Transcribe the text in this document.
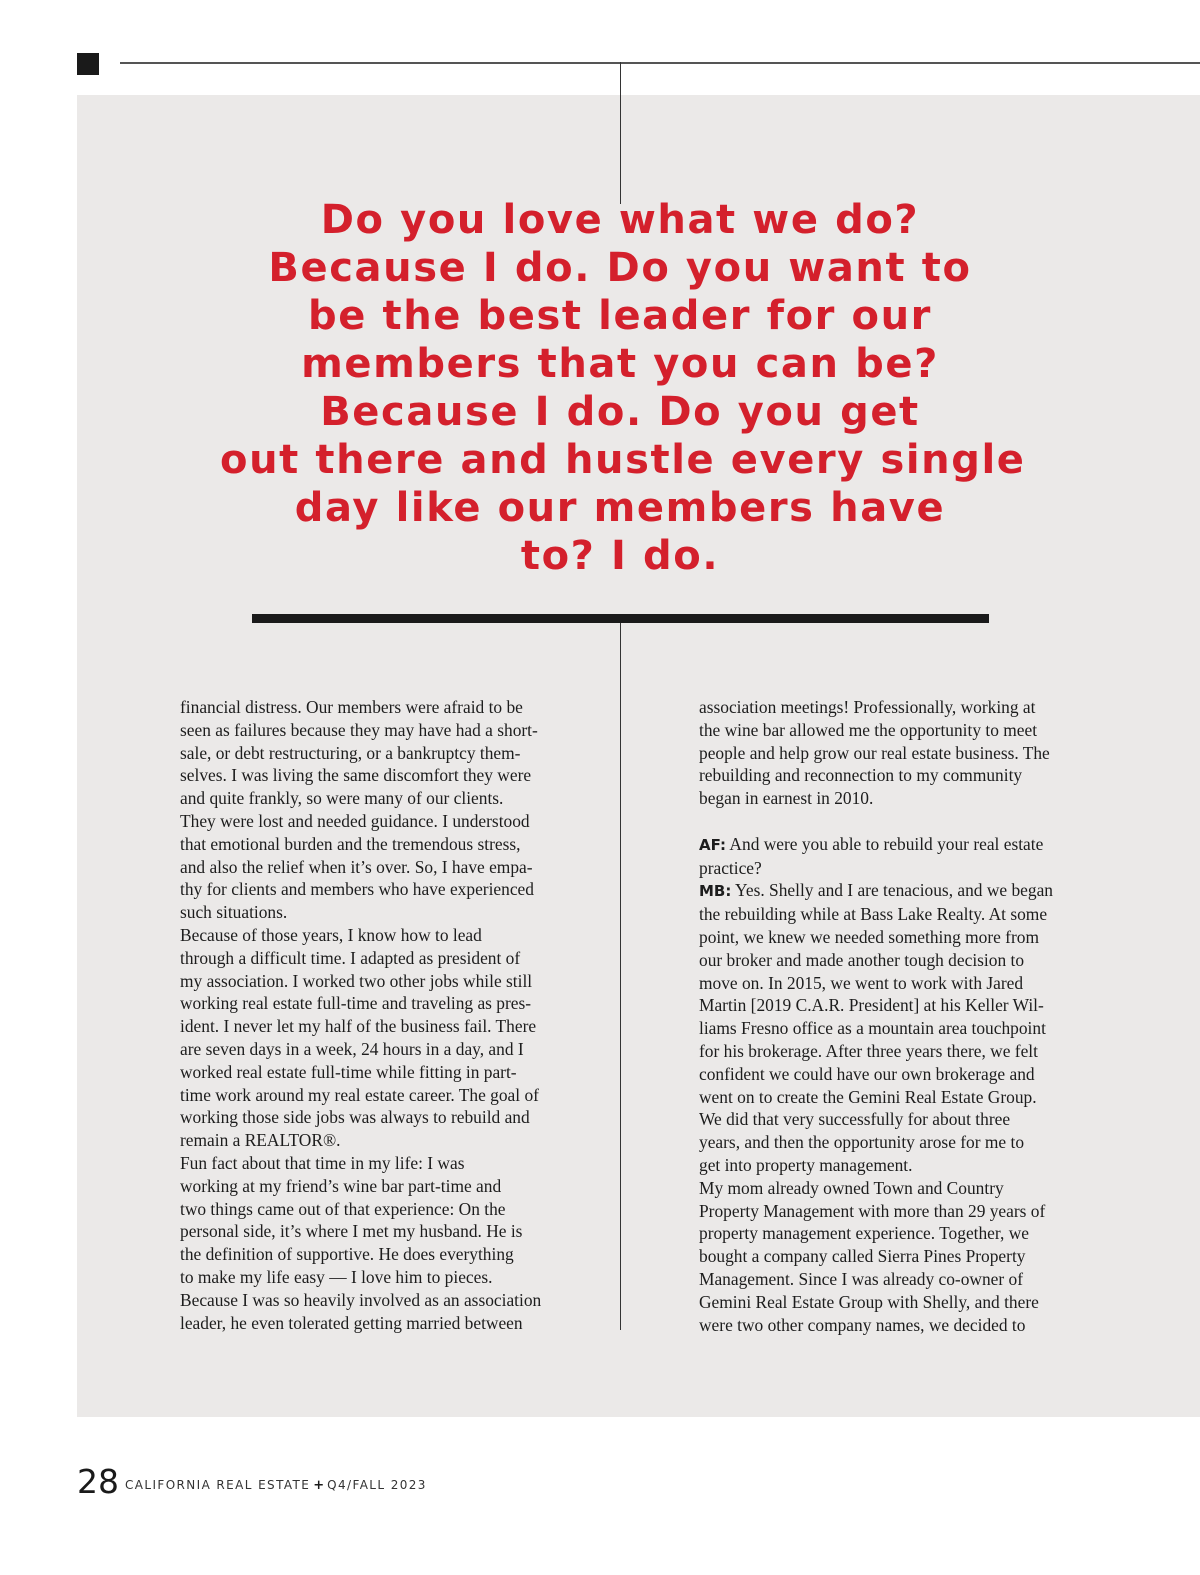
Do you love what we do?
Because I do. Do you want to
be the best leader for our
members that you can be?
Because I do. Do you get
out there and hustle every single
day like our members have
to? I do.
financial distress. Our members were afraid to be
seen as failures because they may have had a short-
sale, or debt restructuring, or a bankruptcy them-
selves. I was living the same discomfort they were
and quite frankly, so were many of our clients.
They were lost and needed guidance. I understood
that emotional burden and the tremendous stress,
and also the relief when it’s over. So, I have empa-
thy for clients and members who have experienced
such situations.
Because of those years, I know how to lead
through a difficult time. I adapted as president of
my association. I worked two other jobs while still
working real estate full-time and traveling as pres-
ident. I never let my half of the business fail. There
are seven days in a week, 24 hours in a day, and I
worked real estate full-time while fitting in part-
time work around my real estate career. The goal of
working those side jobs was always to rebuild and
remain a REALTOR®.
Fun fact about that time in my life: I was
working at my friend’s wine bar part-time and
two things came out of that experience: On the
personal side, it’s where I met my husband. He is
the definition of supportive. He does everything
to make my life easy — I love him to pieces.
Because I was so heavily involved as an association
leader, he even tolerated getting married between
association meetings! Professionally, working at
the wine bar allowed me the opportunity to meet
people and help grow our real estate business. The
rebuilding and reconnection to my community
began in earnest in 2010.
AF: And were you able to rebuild your real estate
practice?
MB: Yes. Shelly and I are tenacious, and we began
the rebuilding while at Bass Lake Realty. At some
point, we knew we needed something more from
our broker and made another tough decision to
move on. In 2015, we went to work with Jared
Martin [2019 C.A.R. President] at his Keller Wil-
liams Fresno office as a mountain area touchpoint
for his brokerage. After three years there, we felt
confident we could have our own brokerage and
went on to create the Gemini Real Estate Group.
We did that very successfully for about three
years, and then the opportunity arose for me to
get into property management.
My mom already owned Town and Country
Property Management with more than 29 years of
property management experience. Together, we
bought a company called Sierra Pines Property
Management. Since I was already co-owner of
Gemini Real Estate Group with Shelly, and there
were two other company names, we decided to
28 $^{CALIFORNIA REAL ESTATE}$ + $^{Q4/FALL 2023}$
